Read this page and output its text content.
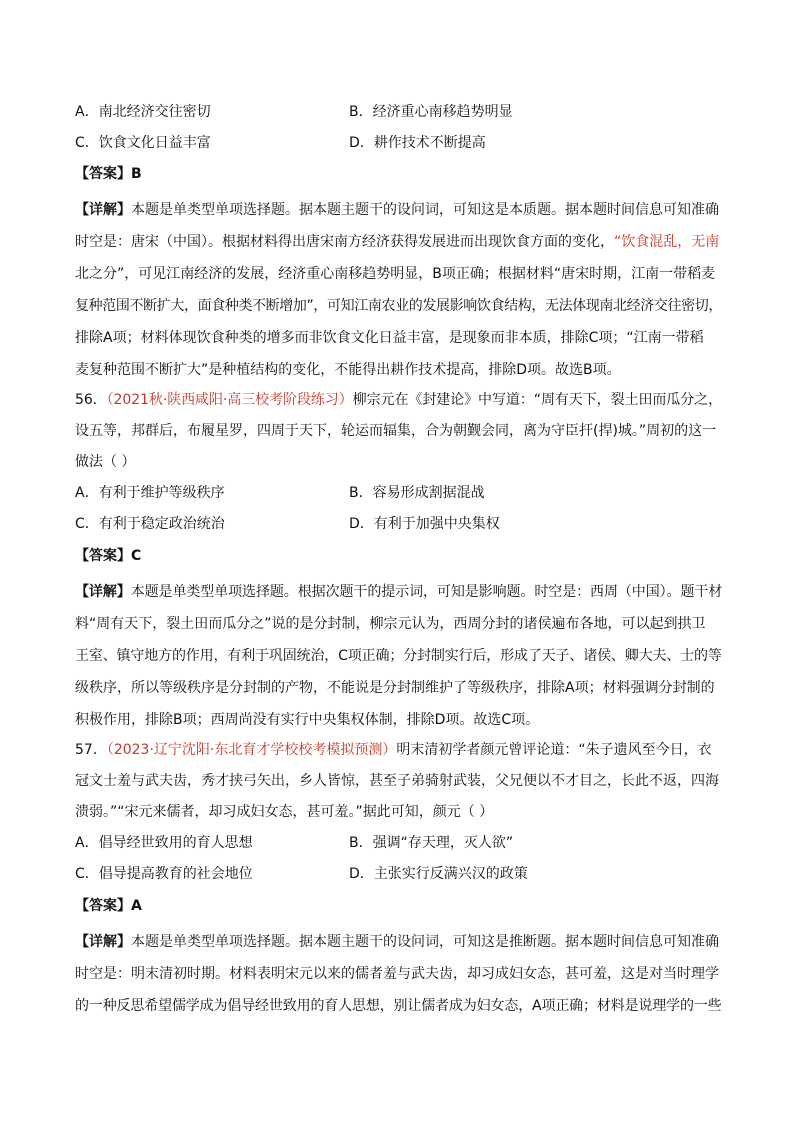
A．南北经济交往密切	B．经济重心南移趋势明显
C．饮食文化日益丰富	D．耕作技术不断提高
【答案】B
【详解】本题是单类型单项选择题。据本题主题干的设问词，可知这是本质题。据本题时间信息可知准确
时空是：唐宋（中国）。根据材料得出唐宋南方经济获得发展进而出现饮食方面的变化，“饮食混乱，无南
北之分”，可见江南经济的发展，经济重心南移趋势明显，B项正确；根据材料“唐宋时期，江南一带稻麦
复种范围不断扩大，面食种类不断增加”，可知江南农业的发展影响饮食结构，无法体现南北经济交往密切，
排除A项；材料体现饮食种类的增多而非饮食文化日益丰富，是现象而非本质，排除C项；“江南一带稻
麦复种范围不断扩大”是种植结构的变化，不能得出耕作技术提高，排除D项。故选B项。
56．（2021秋·陕西咸阳·高三校考阶段练习）柳宗元在《封建论》中写道：“周有天下，裂土田而瓜分之，
设五等，邦群后，布履星罗，四周于天下，轮运而辐集，合为朝觐会同，离为守臣扞(捍)城。”周初的这一
做法（ ）
A．有利于维护等级秩序	B．容易形成割据混战
C．有利于稳定政治统治	D．有利于加强中央集权
【答案】C
【详解】本题是单类型单项选择题。根据次题干的提示词，可知是影响题。时空是：西周（中国）。题干材
料“周有天下，裂土田而瓜分之”说的是分封制，柳宗元认为，西周分封的诸侯遍布各地，可以起到拱卫
王室、镇守地方的作用，有利于巩固统治，C项正确；分封制实行后，形成了天子、诸侯、卿大夫、士的等
级秩序，所以等级秩序是分封制的产物，不能说是分封制维护了等级秩序，排除A项；材料强调分封制的
积极作用，排除B项；西周尚没有实行中央集权体制，排除D项。故选C项。
57．（2023·辽宁沈阳·东北育才学校校考模拟预测）明末清初学者颜元曾评论道：“朱子遗风至今日，衣
冠文士羞与武夫齿，秀才挟弓矢出，乡人皆惊，甚至子弟骑射武装，父兄便以不才目之，长此不返，四海
溃弱。”“宋元来儒者，却习成妇女态，甚可羞。”据此可知，颜元（ ）
A．倡导经世致用的育人思想	B．强调“存天理，灭人欲”
C．倡导提高教育的社会地位	D．主张实行反满兴汉的政策
【答案】A
【详解】本题是单类型单项选择题。据本题主题干的设问词，可知这是推断题。据本题时间信息可知准确
时空是：明末清初时期。材料表明宋元以来的儒者羞与武夫齿，却习成妇女态，甚可羞，这是对当时理学
的一种反思希望儒学成为倡导经世致用的育人思想，别让儒者成为妇女态，A项正确；材料是说理学的一些
